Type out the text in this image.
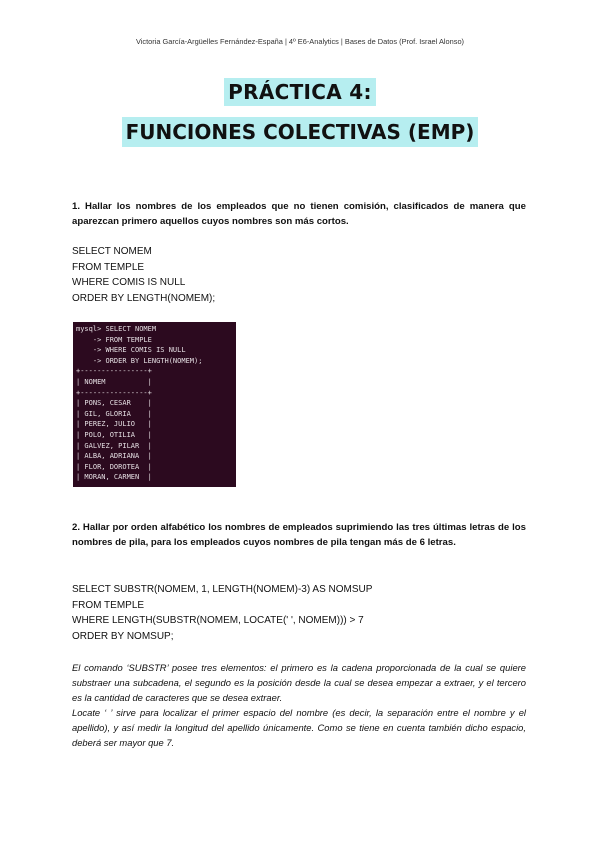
Victoria García-Argüelles Fernández-España | 4º E6-Analytics | Bases de Datos (Prof. Israel Alonso)
PRÁCTICA 4:
FUNCIONES COLECTIVAS (EMP)
1. Hallar los nombres de los empleados que no tienen comisión, clasificados de manera que aparezcan primero aquellos cuyos nombres son más cortos.
SELECT NOMEM
FROM TEMPLE
WHERE COMIS IS NULL
ORDER BY LENGTH(NOMEM);
mysql> SELECT NOMEM
-> FROM TEMPLE
-> WHERE COMIS IS NULL
-> ORDER BY LENGTH(NOMEM);
+----------------+
| NOMEM          |
+----------------+
| PONS, CESAR    |
| GIL, GLORIA    |
| PEREZ, JULIO   |
| POLO, OTILIA   |
| GALVEZ, PILAR  |
| ALBA, ADRIANA  |
| FLOR, DOROTEA  |
| MORAN, CARMEN  |
2. Hallar por orden alfabético los nombres de empleados suprimiendo las tres últimas letras de los nombres de pila, para los empleados cuyos nombres de pila tengan más de 6 letras.
SELECT SUBSTR(NOMEM, 1, LENGTH(NOMEM)-3) AS NOMSUP
FROM TEMPLE
WHERE LENGTH(SUBSTR(NOMEM, LOCATE(' ', NOMEM))) > 7
ORDER BY NOMSUP;
El comando ‘SUBSTR’ posee tres elementos: el primero es la cadena proporcionada de la cual se quiere substraer una subcadena, el segundo es la posición desde la cual se desea empezar a extraer, y el tercero es la cantidad de caracteres que se desea extraer.
Locate ‘ ’ sirve para localizar el primer espacio del nombre (es decir, la separación entre el nombre y el apellido), y así medir la longitud del apellido únicamente. Como se tiene en cuenta también dicho espacio, deberá ser mayor que 7.
